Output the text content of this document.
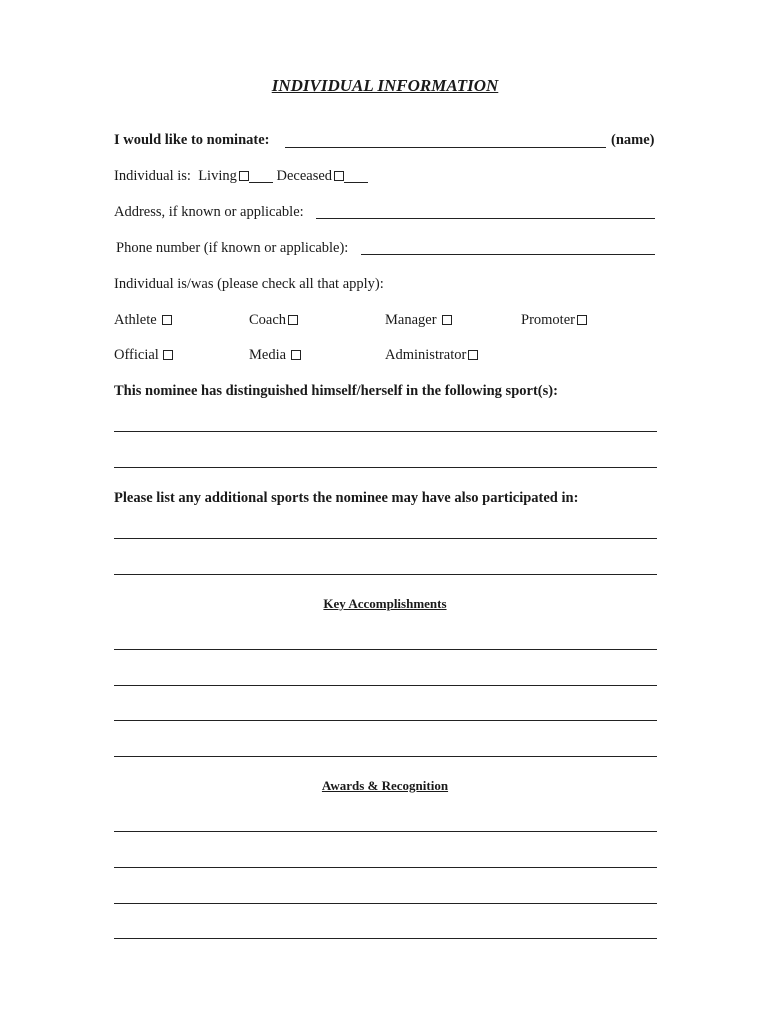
INDIVIDUAL INFORMATION
I would like to nominate:	(name)
Individual is: Living	Deceased
Address, if known or applicable:
Phone number (if known or applicable):
Individual is/was (please check all that apply):
Athlete	Coach	Manager	Promoter
Official	Media	Administrator
This nominee has distinguished himself/herself in the following sport(s):
Please list any additional sports the nominee may have also participated in:
Key Accomplishments
Awards & Recognition
